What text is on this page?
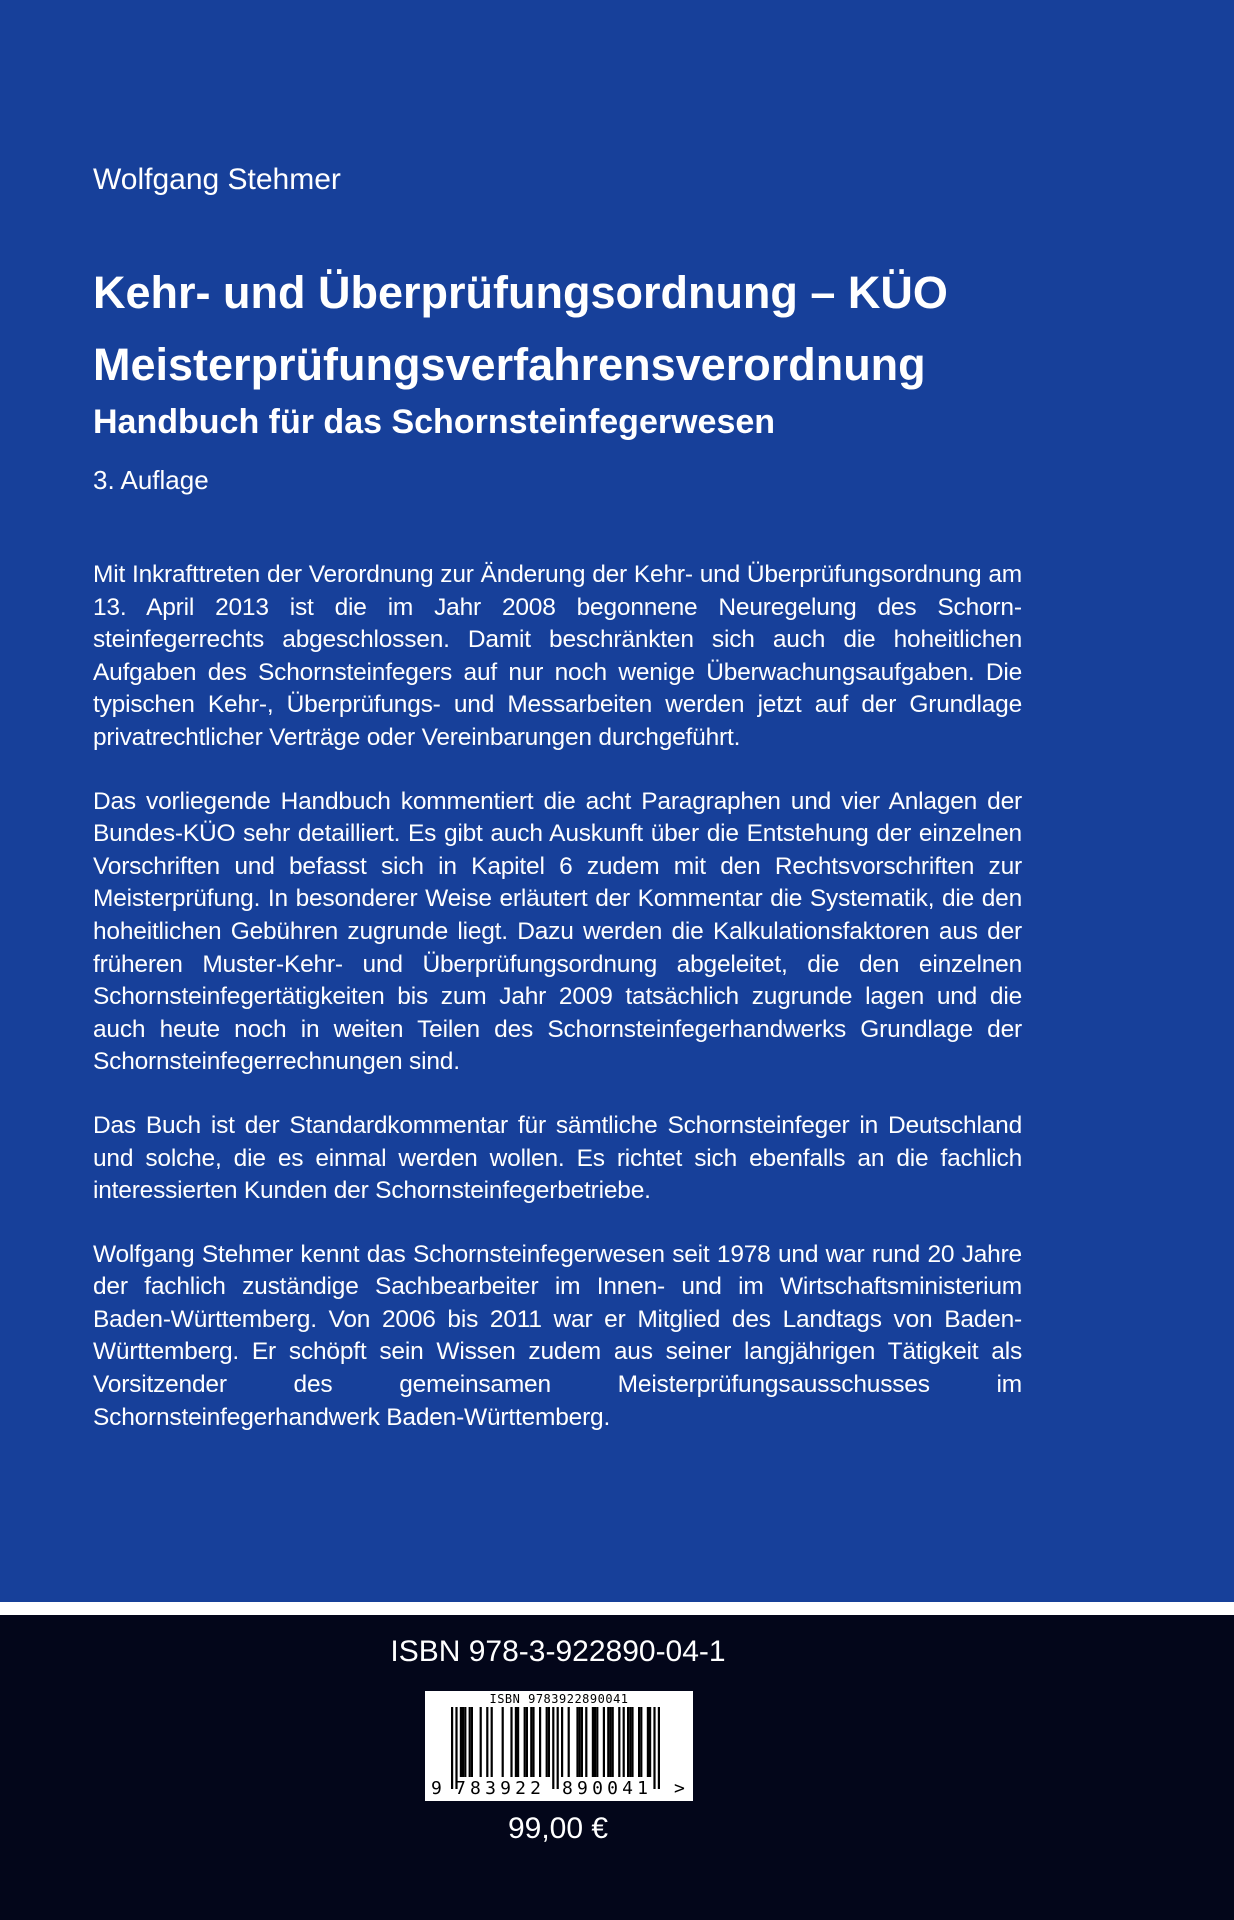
Wolfgang Stehmer
Kehr- und Überprüfungsordnung – KÜO
Meisterprüfungsverfahrensverordnung
Handbuch für das Schornsteinfegerwesen
3. Auflage

Mit Inkrafttreten der Verordnung zur Änderung der Kehr- und Überprüfungsordnung am 13. April 2013 ist die im Jahr 2008 begonnene Neuregelung des Schornsteinfegerrechts abgeschlossen. Damit beschränkten sich auch die hoheitlichen Aufgaben des Schornsteinfegers auf nur noch wenige Überwachungsaufgaben. Die typischen Kehr-, Überprüfungs- und Messarbeiten werden jetzt auf der Grundlage privatrechtlicher Verträge oder Vereinbarungen durchgeführt.

Das vorliegende Handbuch kommentiert die acht Paragraphen und vier Anlagen der Bundes-KÜO sehr detailliert. Es gibt auch Auskunft über die Entstehung der einzelnen Vorschriften und befasst sich in Kapitel 6 zudem mit den Rechtsvorschriften zur Meisterprüfung. In besonderer Weise erläutert der Kommentar die Systematik, die den hoheitlichen Gebühren zugrunde liegt. Dazu werden die Kalkulationsfaktoren aus der früheren Muster-Kehr- und Überprüfungsordnung abgeleitet, die den einzelnen Schornsteinfegertätigkeiten bis zum Jahr 2009 tatsächlich zugrunde lagen und die auch heute noch in weiten Teilen des Schornsteinfegerhandwerks Grundlage der Schornsteinfegerrechnungen sind.

Das Buch ist der Standardkommentar für sämtliche Schornsteinfeger in Deutschland und solche, die es einmal werden wollen. Es richtet sich ebenfalls an die fachlich interessierten Kunden der Schornsteinfegerbetriebe.

Wolfgang Stehmer kennt das Schornsteinfegerwesen seit 1978 und war rund 20 Jahre der fachlich zuständige Sachbearbeiter im Innen- und im Wirtschaftsministerium Baden-Württemberg. Von 2006 bis 2011 war er Mitglied des Landtags von Baden-Württemberg. Er schöpft sein Wissen zudem aus seiner langjährigen Tätigkeit als Vorsitzender des gemeinsamen Meisterprüfungsausschusses im Schornsteinfegerhandwerk Baden-Württemberg.

ISBN 978-3-922890-04-1
ISBN 9783922890041
9 783922 890041 >
99,00 €
